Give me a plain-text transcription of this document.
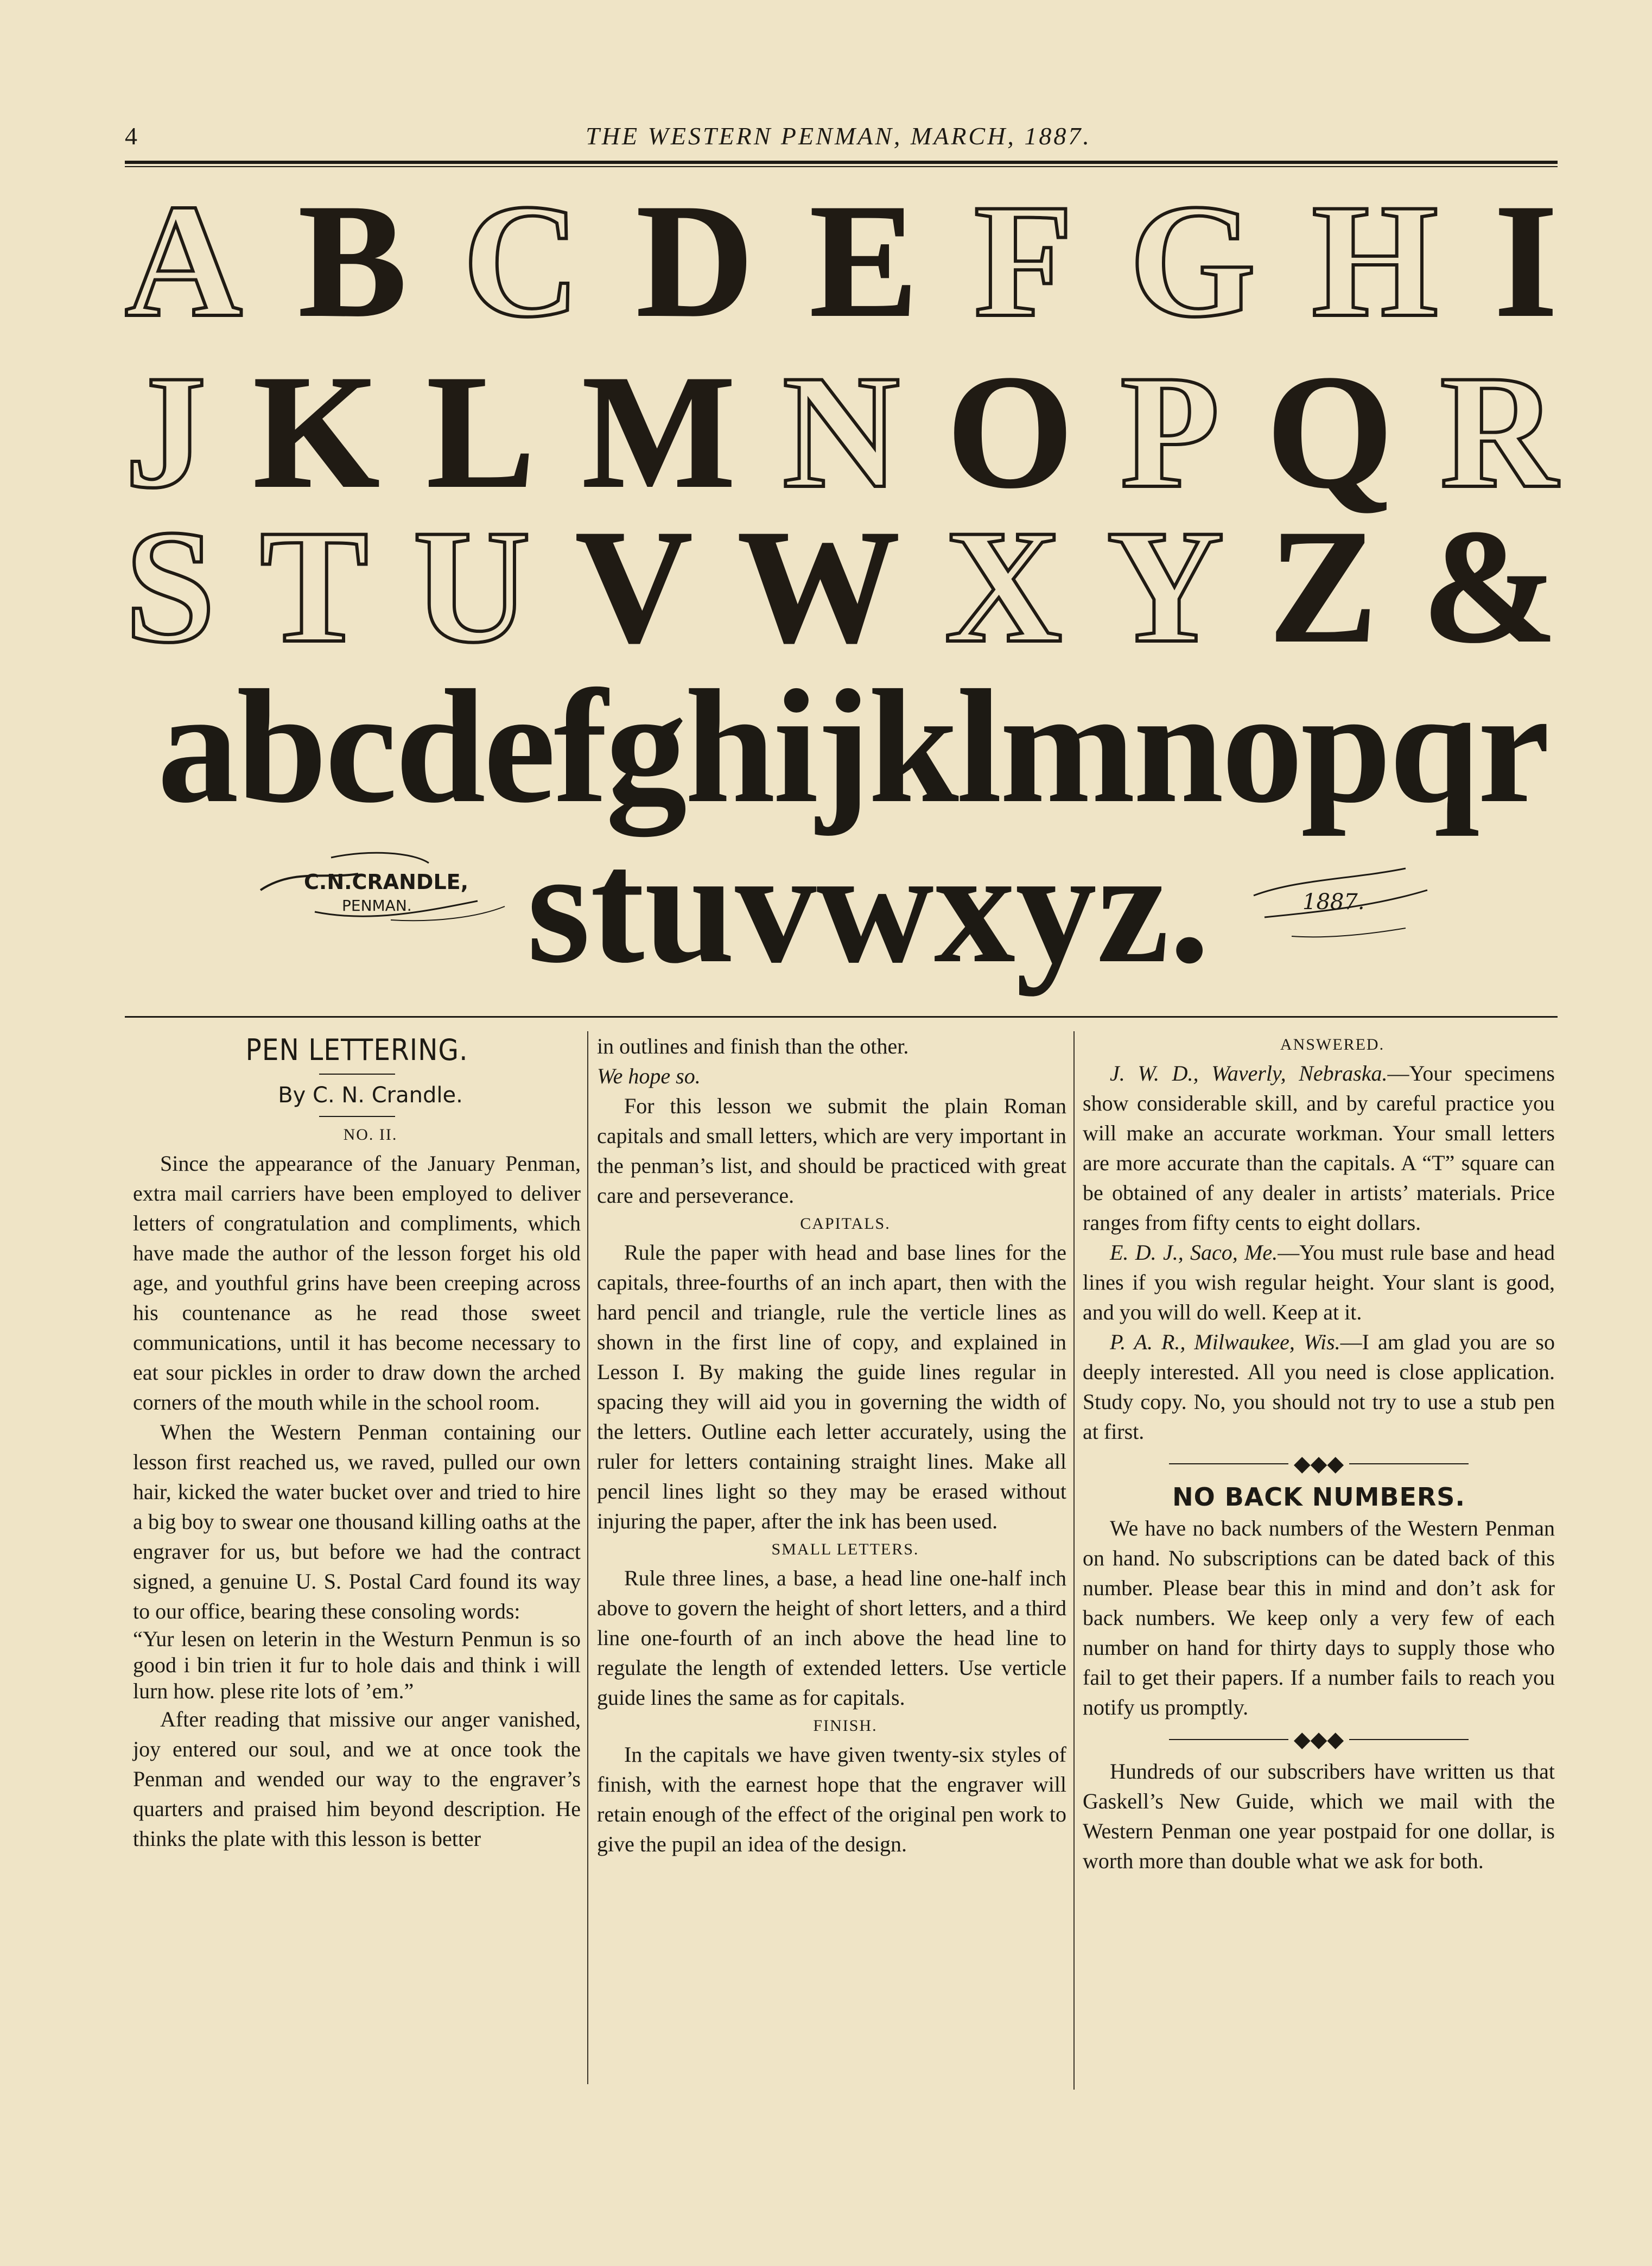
4	THE WESTERN PENMAN, MARCH, 1887.
A B C D E F G H I
J K L M N O P Q R
S T U V W X Y Z &
abcdefghijklmnopqr
C.N.CRANDLE,
PENMAN. stuvwxyz.	1887.
PEN LETTERING.

By C. N. Crandle.

NO. II.

Since the appearance of the January Penman, extra mail carriers have been employed to deliver letters of congratulation and compliments, which have made the author of the lesson forget his old age, and youthful grins have been creeping across his countenance as he read those sweet communications, until it has become necessary to eat sour pickles in order to draw down the arched corners of the mouth while in the school room.

When the Western Penman containing our lesson first reached us, we raved, pulled our own hair, kicked the water bucket over and tried to hire a big boy to swear one thousand killing oaths at the engraver for us, but before we had the contract signed, a genuine U. S. Postal Card found its way to our office, bearing these consoling words:

“Yur lesen on leterin in the Westurn Penmun is so good i bin trien it fur to hole dais and think i will lurn how. plese rite lots of ’em.”

After reading that missive our anger vanished, joy entered our soul, and we at once took the Penman and wended our way to the engraver’s quarters and praised him beyond description. He thinks the plate with this lesson is better

in outlines and finish than the other.

We hope so.

For this lesson we submit the plain Roman capitals and small letters, which are very important in the penman’s list, and should be practiced with great care and perseverance.

CAPITALS.

Rule the paper with head and base lines for the capitals, three-fourths of an inch apart, then with the hard pencil and triangle, rule the verticle lines as shown in the first line of copy, and explained in Lesson I. By making the guide lines regular in spacing they will aid you in governing the width of the letters. Outline each letter accurately, using the ruler for letters containing straight lines. Make all pencil lines light so they may be erased without injuring the paper, after the ink has been used.

SMALL LETTERS.

Rule three lines, a base, a head line one-half inch above to govern the height of short letters, and a third line one-fourth of an inch above the head line to regulate the length of extended letters. Use verticle guide lines the same as for capitals.

FINISH.

In the capitals we have given twenty-six styles of finish, with the earnest hope that the engraver will retain enough of the effect of the original pen work to give the pupil an idea of the design.

ANSWERED.

J. W. D., Waverly, Nebraska.—Your specimens show considerable skill, and by careful practice you will make an accurate workman. Your small letters are more accurate than the capitals. A “T” square can be obtained of any dealer in artists’ materials. Price ranges from fifty cents to eight dollars.

E. D. J., Saco, Me.—You must rule base and head lines if you wish regular height. Your slant is good, and you will do well. Keep at it.

P. A. R., Milwaukee, Wis.—I am glad you are so deeply interested. All you need is close application. Study copy. No, you should not try to use a stub pen at first.

◆◆◆
NO BACK NUMBERS.

We have no back numbers of the Western Penman on hand. No subscriptions can be dated back of this number. Please bear this in mind and don’t ask for back numbers. We keep only a very few of each number on hand for thirty days to supply those who fail to get their papers. If a number fails to reach you notify us promptly.

◆◆◆

Hundreds of our subscribers have written us that Gaskell’s New Guide, which we mail with the Western Penman one year postpaid for one dollar, is worth more than double what we ask for both.
